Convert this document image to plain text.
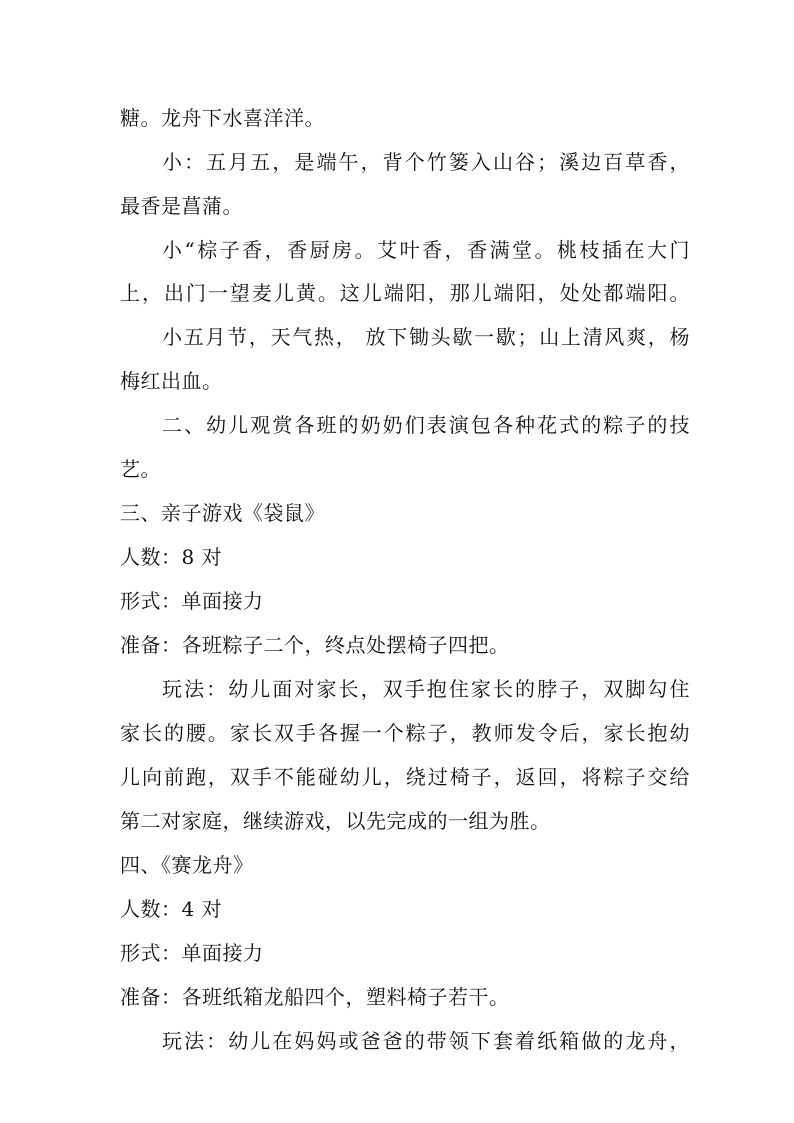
糖。龙舟下水喜洋洋。
小：五月五，是端午，背个竹篓入山谷；溪边百草香，
最香是菖蒲。
小“棕子香，香厨房。艾叶香，香满堂。桃枝插在大门
上，出门一望麦儿黄。这儿端阳，那儿端阳，处处都端阳。
小五月节，天气热， 放下锄头歇一歇；山上清风爽，杨
梅红出血。
二、幼儿观赏各班的奶奶们表演包各种花式的粽子的技
艺。
三、亲子游戏《袋鼠》
人数：8 对
形式：单面接力
准备：各班粽子二个，终点处摆椅子四把。
玩法：幼儿面对家长，双手抱住家长的脖子，双脚勾住
家长的腰。家长双手各握一个粽子，教师发令后，家长抱幼
儿向前跑，双手不能碰幼儿，绕过椅子，返回，将粽子交给
第二对家庭，继续游戏，以先完成的一组为胜。
四、《赛龙舟》
人数：4 对
形式：单面接力
准备：各班纸箱龙船四个，塑料椅子若干。
玩法：幼儿在妈妈或爸爸的带领下套着纸箱做的龙舟，
